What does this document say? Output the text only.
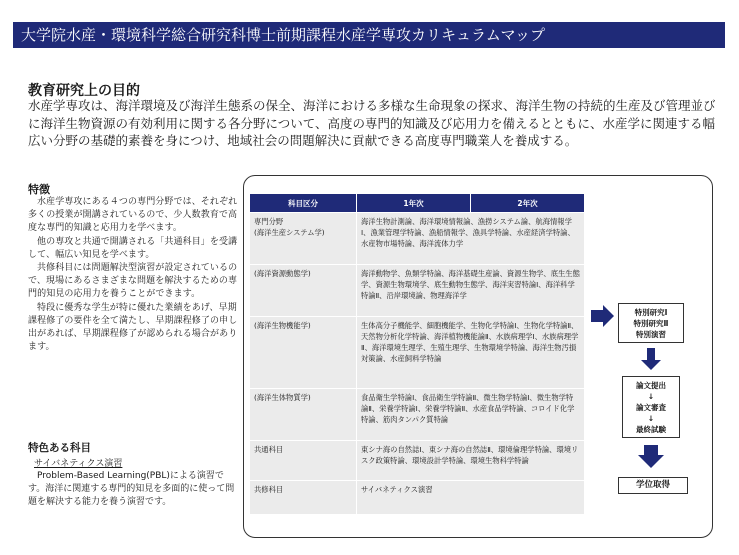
大学院水産・環境科学総合研究科博士前期課程水産学専攻カリキュラムマップ
教育研究上の目的

水産学専攻は、海洋環境及び海洋生態系の保全、海洋における多様な生命現象の探求、海洋生物の持続的生産及び管理並びに海洋生物資源の有効利用に関する各分野について、高度の専門的知識及び応用力を備えるとともに、水産学に関連する幅広い分野の基礎的素養を身につけ、地域社会の問題解決に貢献できる高度専門職業人を養成する。

特徴

水産学専攻にある４つの専門分野では、それぞれ多くの授業が開講されているので、少人数教育で高度な専門的知識と応用力を学べます。

他の専攻と共通で開講される「共通科目」を受講して、幅広い知見を学べます。

共修科目には問題解決型演習が設定されているので、現場にあるさまざまな問題を解決するための専門的知見の応用力を養うことができます。

特段に優秀な学生が特に優れた業績をあげ、早期課程修了の要件を全て満たし、早期課程修了の申し出があれば、早期課程修了が認められる場合があります。

特色ある科目
サイバネティクス演習

Problem-Based Learning(PBL)による演習です。海洋に関連する専門的知見を多面的に使って問題を解決する能力を養う演習です。

科目区分	1年次	2年次
専門分野
(海洋生産システム学)	海洋生物計測論、海洋環境情報論、漁撈システム論、航海情報学Ⅰ、漁業管理学特論、漁船情報学、漁具学特論、水産経済学特論、水産物市場特論、海洋流体力学	
(海洋資源動態学)	海洋動物学、魚類学特論、海洋基礎生産論、資源生物学、底生生態学、資源生物環境学、底生動物生態学、海洋実習特論Ⅰ、海洋科学特論Ⅱ、沿岸環境論、物理海洋学	
(海洋生物機能学)	生体高分子機能学、細胞機能学、生物化学特論Ⅰ、生物化学特論Ⅱ、天然物分析化学特論、海洋植物機能論Ⅱ、水族病理学Ⅰ、水族病理学Ⅱ、海洋環境生理学、生殖生理学、生物環境学特論、海洋生物汚損対策論、水産飼料学特論	
(海洋生体物質学)	食品衛生学特論Ⅰ、食品衛生学特論Ⅱ、微生物学特論Ⅰ、微生物学特論Ⅱ、栄養学特論Ⅰ、栄養学特論Ⅱ、水産食品学特論、コロイド化学特論、筋肉タンパク質特論	
共通科目	東シナ海の自然誌Ⅰ、東シナ海の自然誌Ⅱ、環境倫理学特論、環境リスク政策特論、環境設計学特論、環境生物科学特論	
共修科目	サイバネティクス演習	
特別研究Ⅰ
特別研究Ⅱ
特別演習
論文提出
↓
論文審査
↓
最終試験
学位取得
